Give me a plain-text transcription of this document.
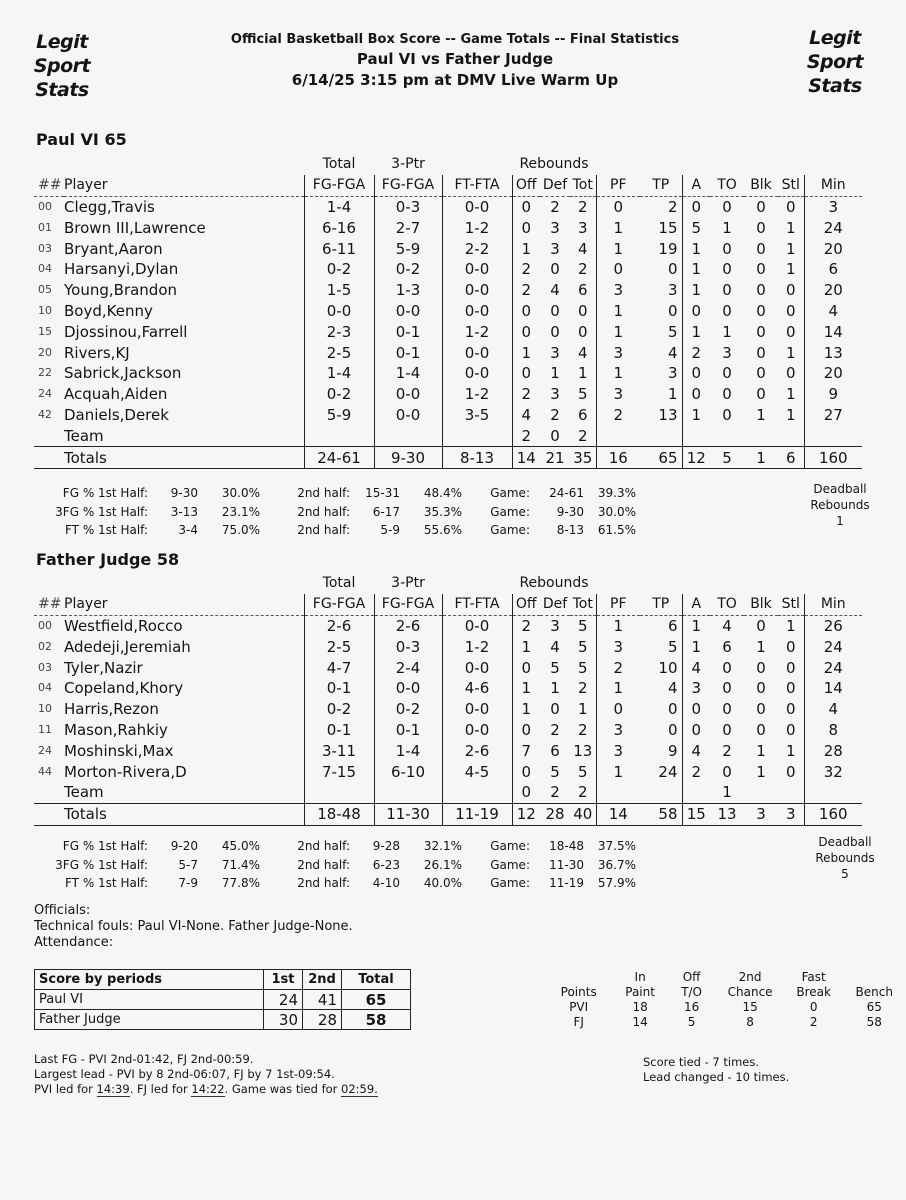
Legit
Sport
Stats
Legit
Sport
Stats
Official Basketball Box Score -- Game Totals -- Final Statistics
Paul VI vs Father Judge
6/14/25 3:15 pm at DMV Live Warm Up
Paul VI 65
		Total	3-Ptr		Rebounds									
##	Player	FG-FGA	FG-FGA	FT-FTA	Off	Def	Tot	PF	TP	A	TO	Blk	Stl	Min
00	Clegg,Travis	1-4	0-3	0-0	0	2	2	0	2	0	0	0	0	3
01	Brown III,Lawrence	6-16	2-7	1-2	0	3	3	1	15	5	1	0	1	24
03	Bryant,Aaron	6-11	5-9	2-2	1	3	4	1	19	1	0	0	1	20
04	Harsanyi,Dylan	0-2	0-2	0-0	2	0	2	0	0	1	0	0	1	6
05	Young,Brandon	1-5	1-3	0-0	2	4	6	3	3	1	0	0	0	20
10	Boyd,Kenny	0-0	0-0	0-0	0	0	0	1	0	0	0	0	0	4
15	Djossinou,Farrell	2-3	0-1	1-2	0	0	0	1	5	1	1	0	0	14
20	Rivers,KJ	2-5	0-1	0-0	1	3	4	3	4	2	3	0	1	13
22	Sabrick,Jackson	1-4	1-4	0-0	0	1	1	1	3	0	0	0	0	20
24	Acquah,Aiden	0-2	0-0	1-2	2	3	5	3	1	0	0	0	1	9
42	Daniels,Derek	5-9	0-0	3-5	4	2	6	2	13	1	0	1	1	27
	Team				2	0	2							
	Totals	24-61	9-30	8-13	14	21	35	16	65	12	5	1	6	160
FG % 1st Half:	9-30	30.0%	2nd half:	15-31	48.4%	Game:	24-61	39.3%
3FG % 1st Half:	3-13	23.1%	2nd half:	6-17	35.3%	Game:	9-30	30.0%
FT % 1st Half:	3-4	75.0%	2nd half:	5-9	55.6%	Game:	8-13	61.5%
Deadball
Rebounds
1
Father Judge 58
		Total	3-Ptr		Rebounds									
##	Player	FG-FGA	FG-FGA	FT-FTA	Off	Def	Tot	PF	TP	A	TO	Blk	Stl	Min
00	Westfield,Rocco	2-6	2-6	0-0	2	3	5	1	6	1	4	0	1	26
02	Adedeji,Jeremiah	2-5	0-3	1-2	1	4	5	3	5	1	6	1	0	24
03	Tyler,Nazir	4-7	2-4	0-0	0	5	5	2	10	4	0	0	0	24
04	Copeland,Khory	0-1	0-0	4-6	1	1	2	1	4	3	0	0	0	14
10	Harris,Rezon	0-2	0-2	0-0	1	0	1	0	0	0	0	0	0	4
11	Mason,Rahkiy	0-1	0-1	0-0	0	2	2	3	0	0	0	0	0	8
24	Moshinski,Max	3-11	1-4	2-6	7	6	13	3	9	4	2	1	1	28
44	Morton-Rivera,D	7-15	6-10	4-5	0	5	5	1	24	2	0	1	0	32
	Team				0	2	2				1			
	Totals	18-48	11-30	11-19	12	28	40	14	58	15	13	3	3	160
FG % 1st Half:	9-20	45.0%	2nd half:	9-28	32.1%	Game:	18-48	37.5%
3FG % 1st Half:	5-7	71.4%	2nd half:	6-23	26.1%	Game:	11-30	36.7%
FT % 1st Half:	7-9	77.8%	2nd half:	4-10	40.0%	Game:	11-19	57.9%
Deadball
Rebounds
5
Officials:
Technical fouls: Paul VI-None. Father Judge-None.
Attendance:
Score by periods	1st	2nd	Total
Paul VI	24	41	65
Father Judge	30	28	58
	In	Off	2nd	Fast	
Points	Paint	T/O	Chance	Break	Bench
PVI	18	16	15	0	65
FJ	14	5	8	2	58
Last FG - PVI 2nd-01:42, FJ 2nd-00:59.
Largest lead - PVI by 8 2nd-06:07, FJ by 7 1st-09:54.
PVI led for 14:39. FJ led for 14:22. Game was tied for 02:59.
Score tied - 7 times.
Lead changed - 10 times.
